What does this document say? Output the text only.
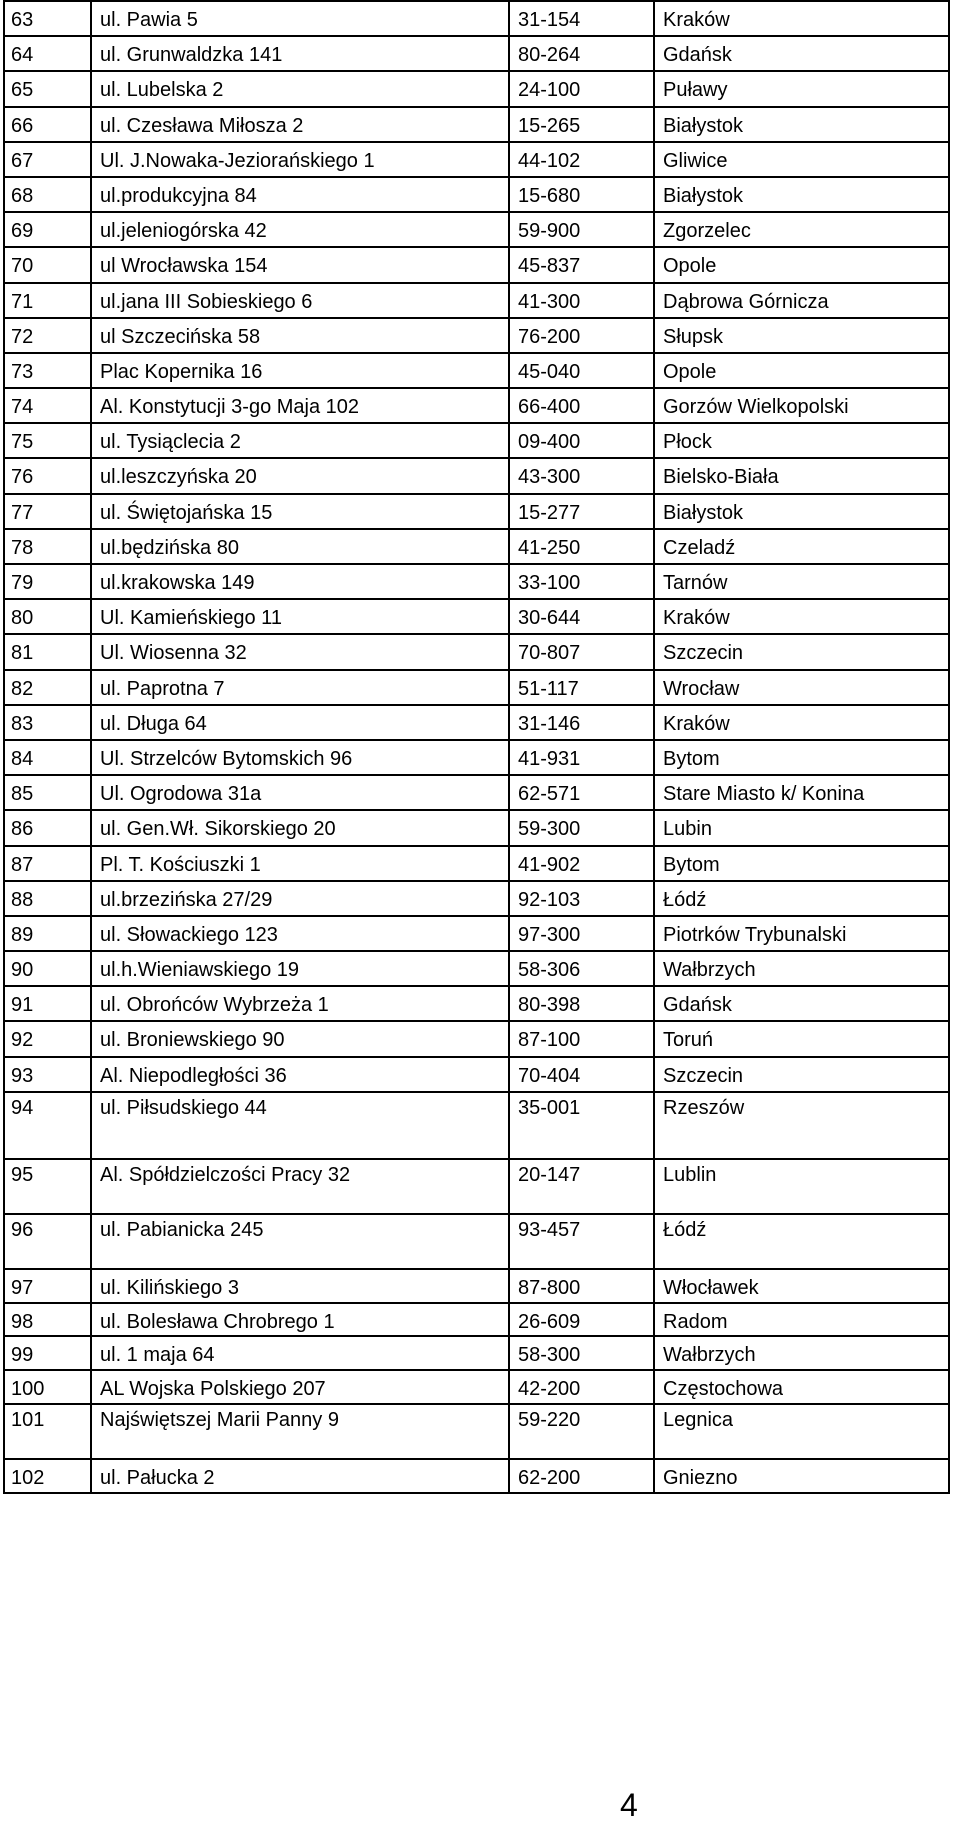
63	ul. Pawia 5	31-154	Kraków
64	ul. Grunwaldzka 141	80-264	Gdańsk
65	ul. Lubelska 2	24-100	Puławy
66	ul. Czesława Miłosza 2	15-265	Białystok
67	Ul. J.Nowaka-Jeziorańskiego 1	44-102	Gliwice
68	ul.produkcyjna 84	15-680	Białystok
69	ul.jeleniogórska 42	59-900	Zgorzelec
70	ul Wrocławska 154	45-837	Opole
71	ul.jana III Sobieskiego 6	41-300	Dąbrowa Górnicza
72	ul Szczecińska 58	76-200	Słupsk
73	Plac Kopernika 16	45-040	Opole
74	Al. Konstytucji 3-go Maja 102	66-400	Gorzów Wielkopolski
75	ul. Tysiąclecia 2	09-400	Płock
76	ul.leszczyńska 20	43-300	Bielsko-Biała
77	ul. Świętojańska 15	15-277	Białystok
78	ul.będzińska 80	41-250	Czeladź
79	ul.krakowska 149	33-100	Tarnów
80	Ul. Kamieńskiego 11	30-644	Kraków
81	Ul. Wiosenna 32	70-807	Szczecin
82	ul. Paprotna 7	51-117	Wrocław
83	ul. Długa 64	31-146	Kraków
84	Ul. Strzelców Bytomskich 96	41-931	Bytom
85	Ul. Ogrodowa 31a	62-571	Stare Miasto k/ Konina
86	ul. Gen.Wł. Sikorskiego 20	59-300	Lubin
87	Pl. T. Kościuszki 1	41-902	Bytom
88	ul.brzezińska 27/29	92-103	Łódź
89	ul. Słowackiego 123	97-300	Piotrków Trybunalski
90	ul.h.Wieniawskiego 19	58-306	Wałbrzych
91	ul. Obrońców Wybrzeża 1	80-398	Gdańsk
92	ul. Broniewskiego 90	87-100	Toruń
93	Al. Niepodległości 36	70-404	Szczecin
94	ul. Piłsudskiego 44	35-001	Rzeszów
95	Al. Spółdzielczości Pracy 32	20-147	Lublin
96	ul. Pabianicka 245	93-457	Łódź
97	ul. Kilińskiego 3	87-800	Włocławek
98	ul. Bolesława Chrobrego 1	26-609	Radom
99	ul. 1 maja 64	58-300	Wałbrzych
100	AL Wojska Polskiego 207	42-200	Częstochowa
101	Najświętszej Marii Panny 9	59-220	Legnica
102	ul. Pałucka 2	62-200	Gniezno
4
